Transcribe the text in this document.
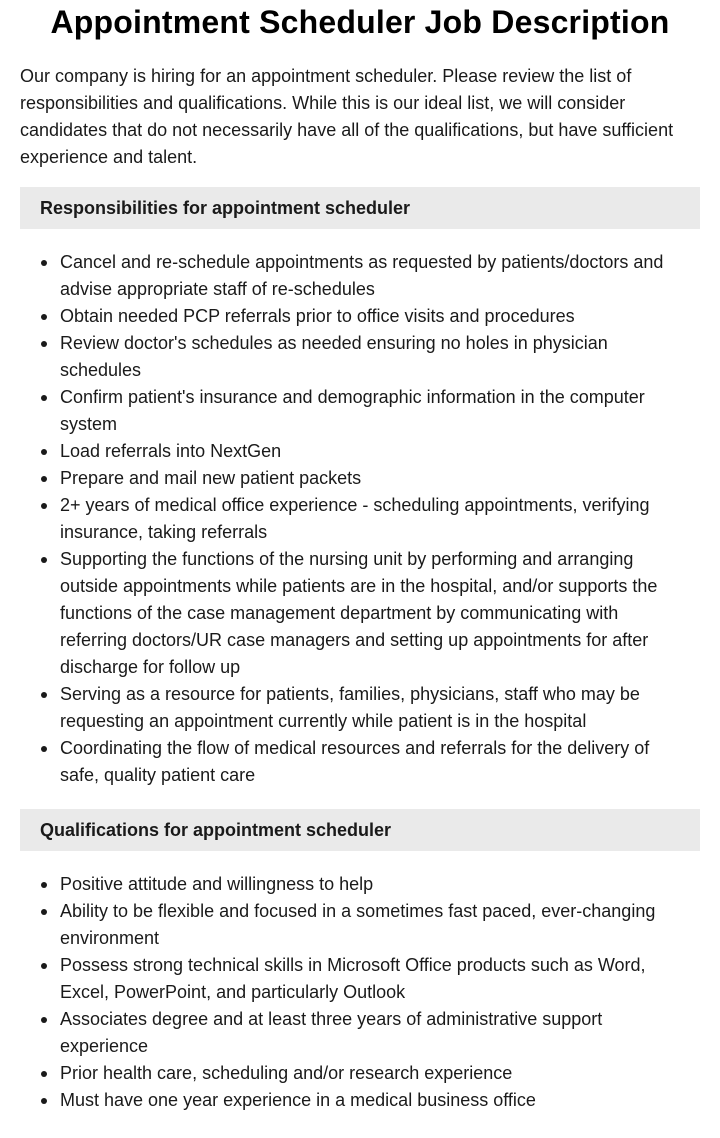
Appointment Scheduler Job Description

Our company is hiring for an appointment scheduler. Please review the list of responsibilities and qualifications. While this is our ideal list, we will consider candidates that do not necessarily have all of the qualifications, but have sufficient experience and talent.

Responsibilities for appointment scheduler
Cancel and re-schedule appointments as requested by patients/doctors and advise appropriate staff of re-schedules
Obtain needed PCP referrals prior to office visits and procedures
Review doctor's schedules as needed ensuring no holes in physician schedules
Confirm patient's insurance and demographic information in the computer system
Load referrals into NextGen
Prepare and mail new patient packets
2+ years of medical office experience - scheduling appointments, verifying insurance, taking referrals
Supporting the functions of the nursing unit by performing and arranging outside appointments while patients are in the hospital, and/or supports the functions of the case management department by communicating with referring doctors/UR case managers and setting up appointments for after discharge for follow up
Serving as a resource for patients, families, physicians, staff who may be requesting an appointment currently while patient is in the hospital
Coordinating the flow of medical resources and referrals for the delivery of safe, quality patient care
Qualifications for appointment scheduler
Positive attitude and willingness to help
Ability to be flexible and focused in a sometimes fast paced, ever-changing environment
Possess strong technical skills in Microsoft Office products such as Word, Excel, PowerPoint, and particularly Outlook
Associates degree and at least three years of administrative support experience
Prior health care, scheduling and/or research experience
Must have one year experience in a medical business office
